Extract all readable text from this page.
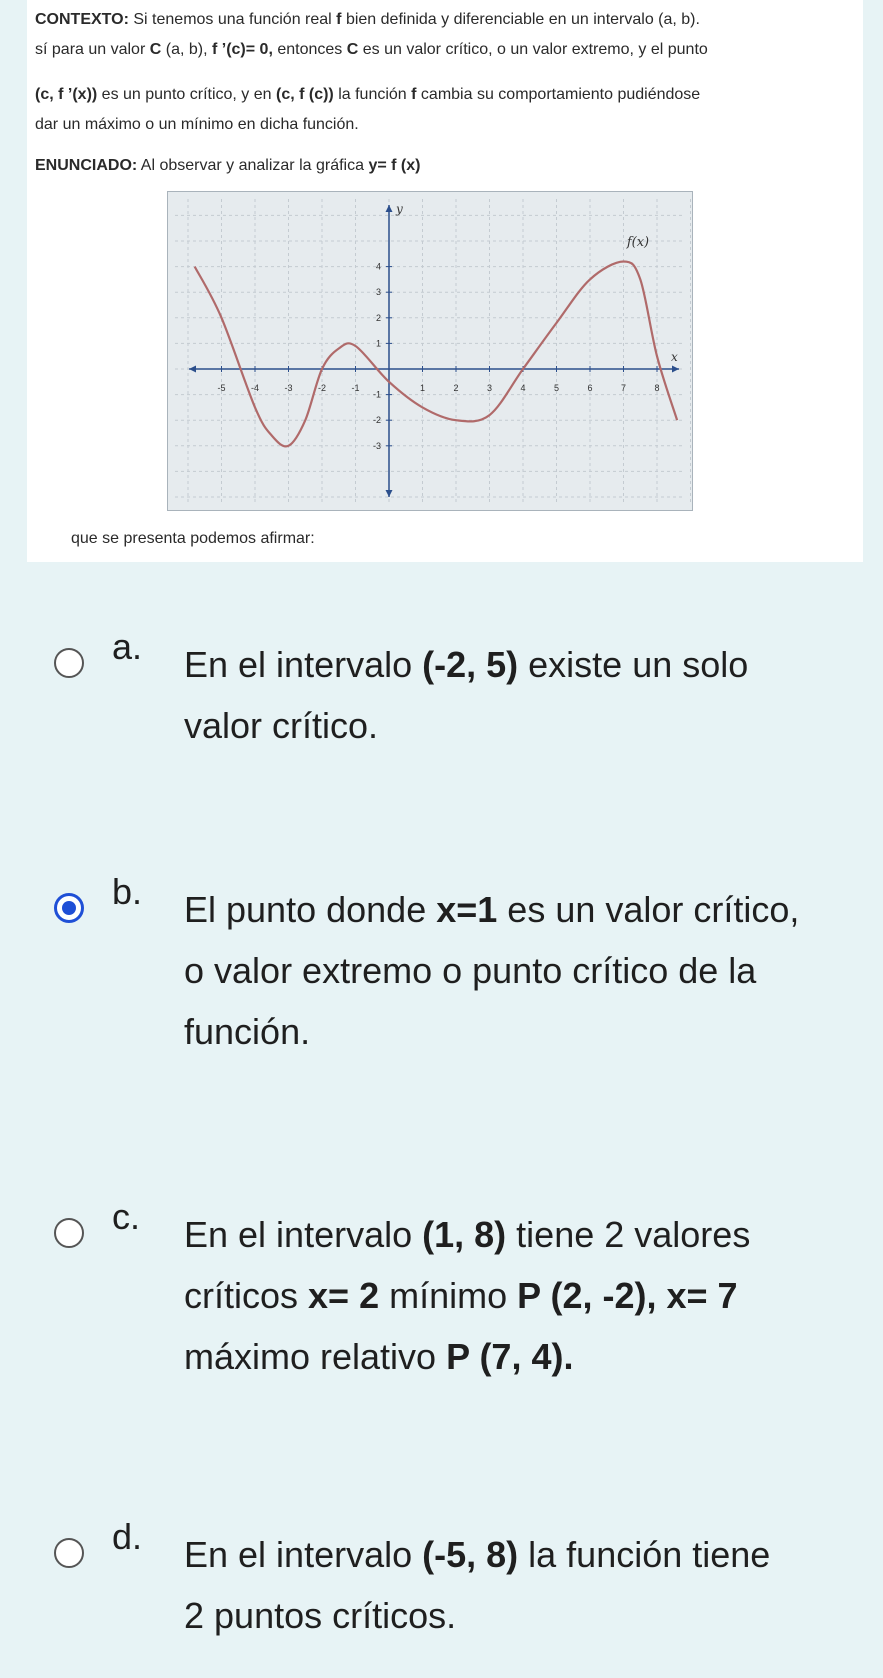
CONTEXTO: Si tenemos una función real f bien definida y diferenciable en un intervalo (a, b).
sí para un valor C (a, b), f ’(c)= 0, entonces C es un valor crítico, o un valor extremo, y el punto
(c, f ’(x)) es un punto crítico, y en (c, f (c)) la función f cambia su comportamiento pudiéndose
dar un máximo o un mínimo en dicha función.
ENUNCIADO: Al observar y analizar la gráfica y= f (x)
x
y
-5	-4	-3	-2	-1	1	2	3	4	5	6	7	8
4
3
2
1
-1
-2
-3
f(x)
que se presenta podemos afirmar:
a. En el intervalo (-2, 5) existe un solo
valor crítico.
b. El punto donde x=1 es un valor crítico,
o valor extremo o punto crítico de la
función.
c. En el intervalo (1, 8) tiene 2 valores
críticos x= 2 mínimo P (2, -2), x= 7
máximo relativo P (7, 4).
d. En el intervalo (-5, 8) la función tiene
2 puntos críticos.
